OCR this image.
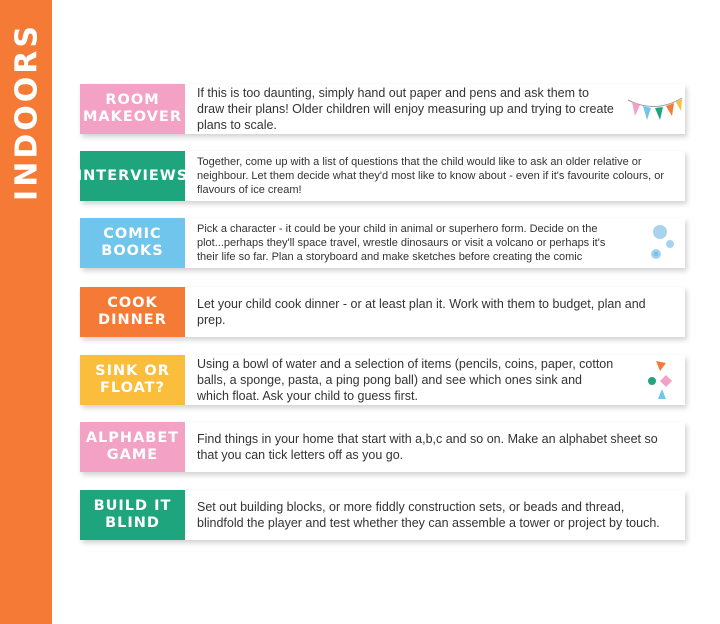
INDOORS	ROOM
MAKEOVER
If this is too daunting, simply hand out paper and pens and ask them to draw their plans! Older children will enjoy measuring up and trying to create plans to scale.
INTERVIEWS
Together, come up with a list of questions that the child would like to ask an older relative or neighbour. Let them decide what they'd most like to know about - even if it's favourite colours, or flavours of ice cream!
COMIC
BOOKS
Pick a character - it could be your child in animal or superhero form. Decide on the plot...perhaps they'll space travel, wrestle dinosaurs or visit a volcano or perhaps it's their life so far. Plan a storyboard and make sketches before creating the comic
COOK
DINNER
Let your child cook dinner - or at least plan it. Work with them to budget, plan and prep.
SINK OR
FLOAT?
Using a bowl of water and a selection of items (pencils, coins, paper, cotton balls, a sponge, pasta, a ping pong ball) and see which ones sink and which float. Ask your child to guess first.
ALPHABET
GAME
Find things in your home that start with a,b,c and so on. Make an alphabet sheet so that you can tick letters off as you go.
BUILD IT
BLIND
Set out building blocks, or more fiddly construction sets, or beads and thread, blindfold the player and test whether they can assemble a tower or project by touch.
